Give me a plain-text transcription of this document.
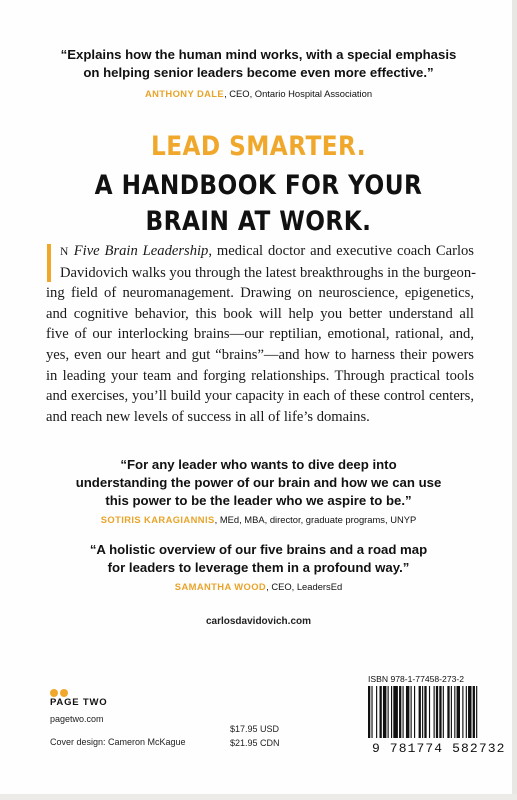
“Explains how the human mind works, with a special emphasis
on helping senior leaders become even more effective.”
ANTHONY DALE, CEO, Ontario Hospital Association
LEAD SMARTER.
A HANDBOOK FOR YOUR
BRAIN AT WORK.
N Five Brain Leadership, medical doctor and executive coach Carlos
Davidovich walks you through the latest breakthroughs in the burgeon-
ing field of neuromanagement. Drawing on neuroscience, epigenetics,
and cognitive behavior, this book will help you better understand all
five of our interlocking brains—our reptilian, emotional, rational, and,
yes, even our heart and gut “brains”—and how to harness their powers
in leading your team and forging relationships. Through practical tools
and exercises, you’ll build your capacity in each of these control centers,
and reach new levels of success in all of life’s domains.
“For any leader who wants to dive deep into
understanding the power of our brain and how we can use
this power to be the leader who we aspire to be.”
SOTIRIS KARAGIANNIS, MEd, MBA, director, graduate programs, UNYP
“A holistic overview of our five brains and a road map
for leaders to leverage them in a profound way.”
SAMANTHA WOOD, CEO, LeadersEd
carlosdavidovich.com
PAGE TWO
pagetwo.com
Cover design: Cameron McKague
$17.95 USD
$21.95 CDN
ISBN 978-1-77458-273-2
9 781774 582732
